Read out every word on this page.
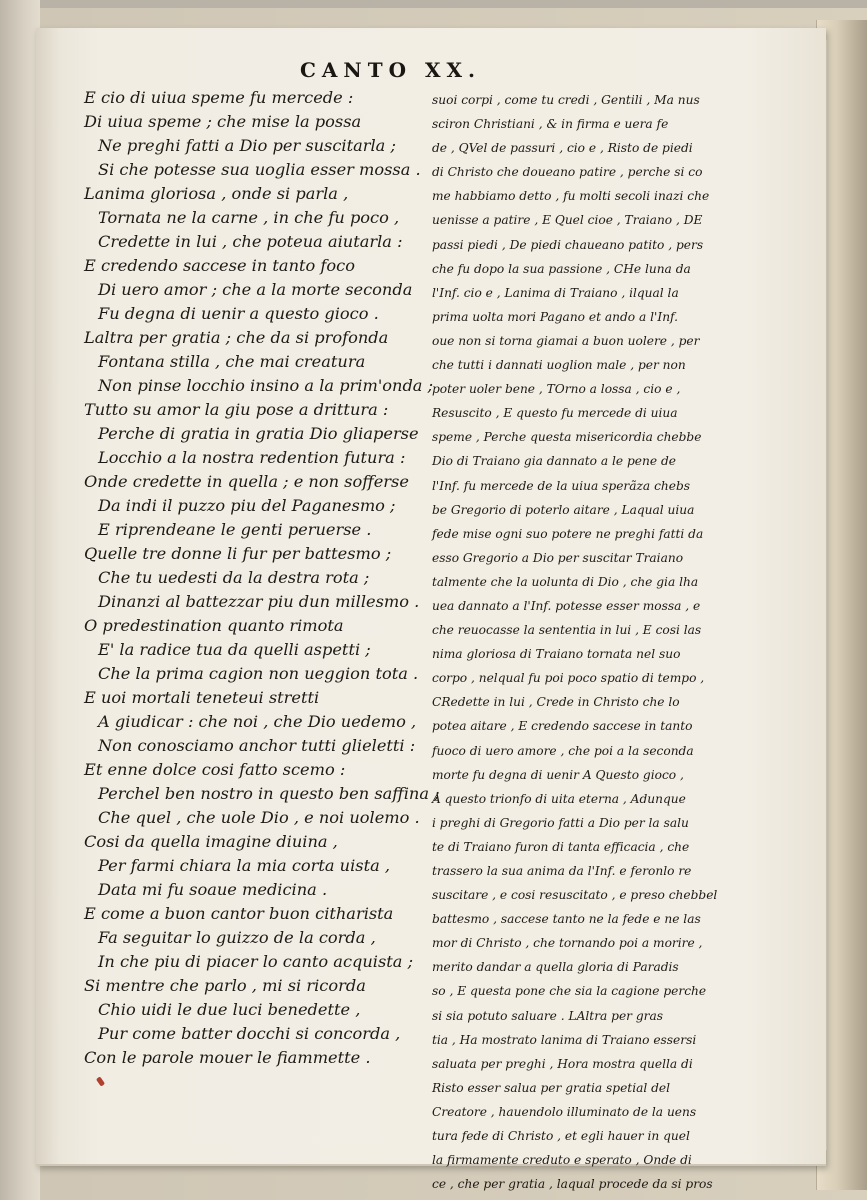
CANTO XX.
E cio di uiua speme fu mercede :
Di uiua speme ; che mise la possa
Ne preghi fatti a Dio per suscitarla ;
Si che potesse sua uoglia esser mossa .
Lanima gloriosa , onde si parla ,
Tornata ne la carne , in che fu poco ,
Credette in lui , che poteua aiutarla :
E credendo saccese in tanto foco
Di uero amor ; che a la morte seconda
Fu degna di uenir a questo gioco .
Laltra per gratia ; che da si profonda
Fontana stilla , che mai creatura
Non pinse locchio insino a la prim'onda ;
Tutto su amor la giu pose a drittura :
Perche di gratia in gratia Dio gliaperse
Locchio a la nostra redention futura :
Onde credette in quella ; e non sofferse
Da indi il puzzo piu del Paganesmo ;
E riprendeane le genti peruerse .
Quelle tre donne li fur per battesmo ;
Che tu uedesti da la destra rota ;
Dinanzi al battezzar piu dun millesmo .
O predestination quanto rimota
E' la radice tua da quelli aspetti ;
Che la prima cagion non ueggion tota .
E uoi mortali teneteui stretti
A giudicar : che noi , che Dio uedemo ,
Non conosciamo anchor tutti glieletti :
Et enne dolce cosi fatto scemo :
Perchel ben nostro in questo ben saffina ;
Che quel , che uole Dio , e noi uolemo .
Cosi da quella imagine diuina ,
Per farmi chiara la mia corta uista ,
Data mi fu soaue medicina .
E come a buon cantor buon citharista
Fa seguitar lo guizzo de la corda ,
In che piu di piacer lo canto acquista ;
Si mentre che parlo , mi si ricorda
Chio uidi le due luci benedette ,
Pur come batter docchi si concorda ,
Con le parole mouer le fiammette .
suoi corpi , come tu credi , Gentili , Ma nus
sciron Christiani , & in firma e uera fe
de , QVel de passuri , cio e , Risto de piedi
di Christo che doueano patire , perche si co
me habbiamo detto , fu molti secoli inazi che
uenisse a patire , E Quel cioe , Traiano , DE
passi piedi , De piedi chaueano patito , pers
che fu dopo la sua passione , CHe luna da
l'Inf. cio e , Lanima di Traiano , ilqual la
prima uolta mori Pagano et ando a l'Inf.
oue non si torna giamai a buon uolere , per
che tutti i dannati uoglion male , per non
poter uoler bene , TOrno a lossa , cio e ,
Resuscito , E questo fu mercede di uiua
speme , Perche questa misericordia chebbe
Dio di Traiano gia dannato a le pene de
l'Inf. fu mercede de la uiua sperãza chebs
be Gregorio di poterlo aitare , Laqual uiua
fede mise ogni suo potere ne preghi fatti da
esso Gregorio a Dio per suscitar Traiano
talmente che la uolunta di Dio , che gia lha
uea dannato a l'Inf. potesse esser mossa , e
che reuocasse la sententia in lui , E cosi las
nima gloriosa di Traiano tornata nel suo
corpo , nelqual fu poi poco spatio di tempo ,
CRedette in lui , Crede in Christo che lo
potea aitare , E credendo saccese in tanto
fuoco di uero amore , che poi a la seconda
morte fu degna di uenir A Questo gioco ,
A questo trionfo di uita eterna , Adunque
i preghi di Gregorio fatti a Dio per la salu
te di Traiano furon di tanta efficacia , che
trassero la sua anima da l'Inf. e feronlo re
suscitare , e cosi resuscitato , e preso chebbel
battesmo , saccese tanto ne la fede e ne las
mor di Christo , che tornando poi a morire ,
merito dandar a quella gloria di Paradis
so , E questa pone che sia la cagione perche
si sia potuto saluare . LAltra per gras
tia , Ha mostrato lanima di Traiano essersi
saluata per preghi , Hora mostra quella di
Risto esser salua per gratia spetial del
Creatore , hauendolo illuminato de la uens
tura fede di Christo , et egli hauer in quel
la firmamente creduto e sperato , Onde di
ce , che per gratia , laqual procede da si pros
